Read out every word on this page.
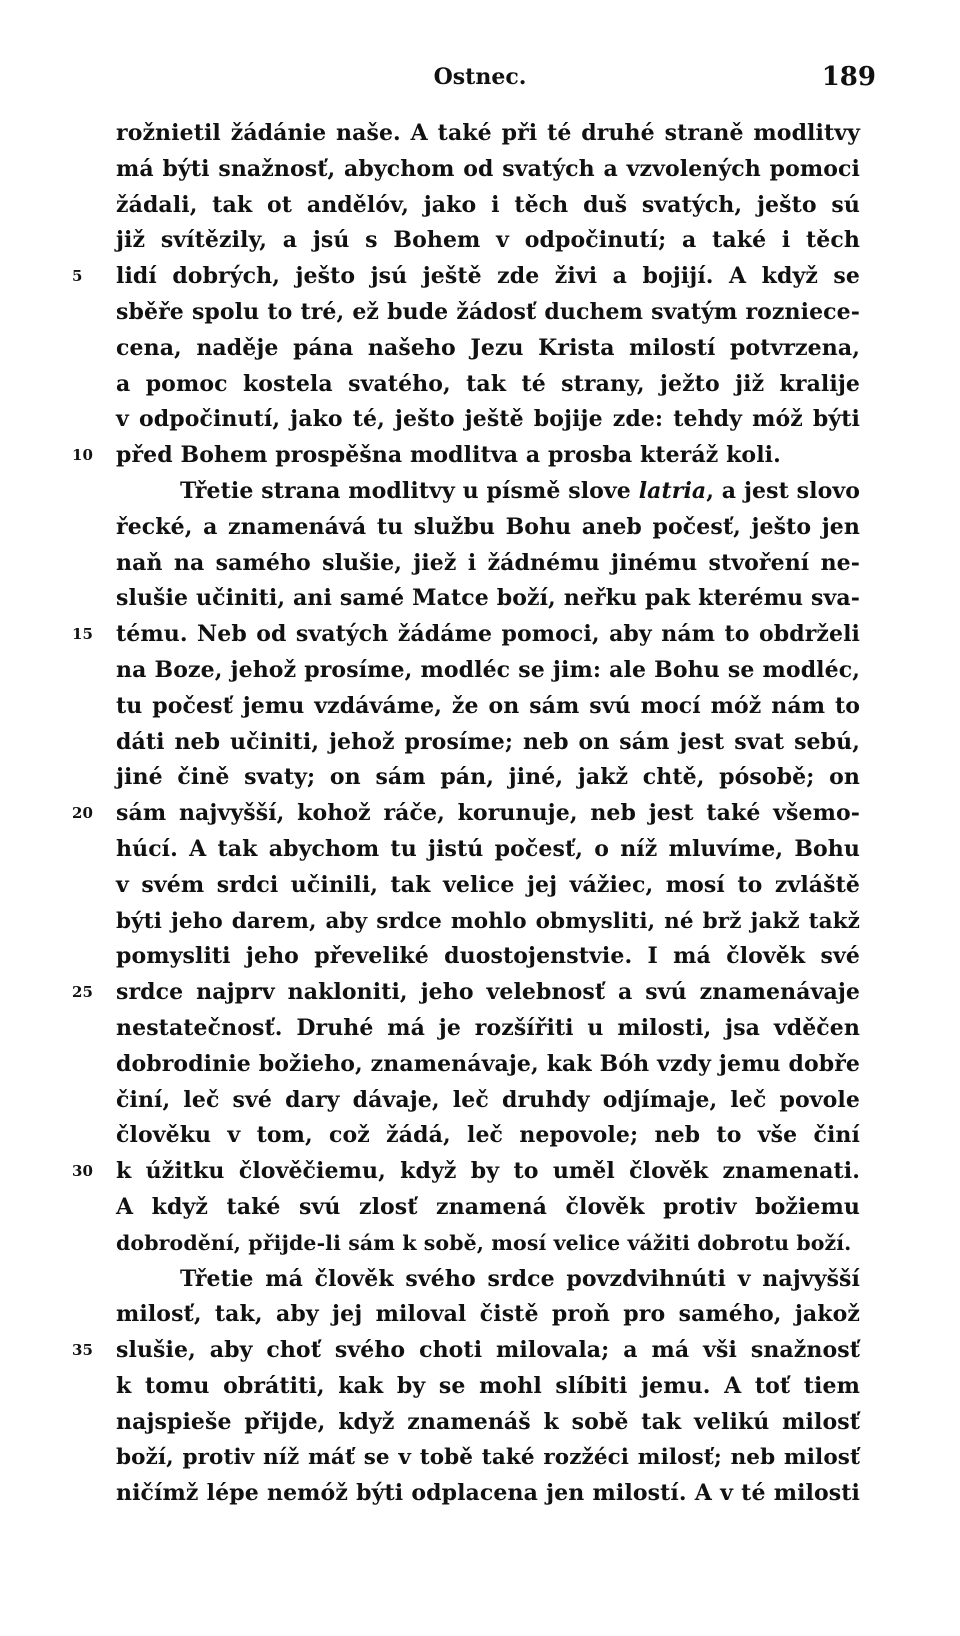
Ostnec.	189
rožnietil žádánie naše. A také při té druhé straně modlitvy
má býti snažnosť, abychom od svatých a vzvolených pomoci
žádali, tak ot andělóv, jako i těch duš svatých, ješto sú
již svítězily, a jsú s Bohem v odpočinutí; a také i těch
5	lidí dobrých, ješto jsú ještě zde živi a bojijí. A když se
sběře spolu to tré, ež bude žádosť duchem svatým rozniece-
cena, naděje pána našeho Jezu Krista milostí potvrzena,
a pomoc kostela svatého, tak té strany, ježto již kralije
v odpočinutí, jako té, ješto ještě bojije zde: tehdy móž býti
10	před Bohem prospěšna modlitva a prosba kteráž koli.
Třetie strana modlitvy u písmě slove latria, a jest slovo
řecké, a znamenává tu službu Bohu aneb počesť, ješto jen
naň na samého slušie, jiež i žádnému jinému stvoření ne-
slušie učiniti, ani samé Matce boží, neřku pak kterému sva-
15	tému. Neb od svatých žádáme pomoci, aby nám to obdrželi
na Boze, jehož prosíme, modléc se jim: ale Bohu se modléc,
tu počesť jemu vzdáváme, že on sám svú mocí móž nám to
dáti neb učiniti, jehož prosíme; neb on sám jest svat sebú,
jiné čině svaty; on sám pán, jiné, jakž chtě, pósobě; on
20	sám najvyšší, kohož ráče, korunuje, neb jest také všemo-
húcí. A tak abychom tu jistú počesť, o níž mluvíme, Bohu
v svém srdci učinili, tak velice jej vážiec, mosí to zvláště
býti jeho darem, aby srdce mohlo obmysliti, né brž jakž takž
pomysliti jeho převeliké duostojenstvie. I má člověk své
25	srdce najprv nakloniti, jeho velebnosť a svú znamenávaje
nestatečnosť. Druhé má je rozšířiti u milosti, jsa vděčen
dobrodinie božieho, znamenávaje, kak Bóh vzdy jemu dobře
činí, leč své dary dávaje, leč druhdy odjímaje, leč povole
člověku v tom, což žádá, leč nepovole; neb to vše činí
30	k úžitku člověčiemu, když by to uměl člověk znamenati.
A když také svú zlosť znamená člověk protiv božiemu
dobrodění, přijde-li sám k sobě, mosí velice vážiti dobrotu boží.
Třetie má člověk svého srdce povzdvihnúti v najvyšší
milosť, tak, aby jej miloval čistě proň pro samého, jakož
35	slušie, aby choť svého choti milovala; a má vši snažnosť
k tomu obrátiti, kak by se mohl slíbiti jemu. A toť tiem
najspieše přijde, když znamenáš k sobě tak velikú milosť
boží, protiv níž máť se v tobě také rozžéci milosť; neb milosť
ničímž lépe nemóž býti odplacena jen milostí. A v té milosti
